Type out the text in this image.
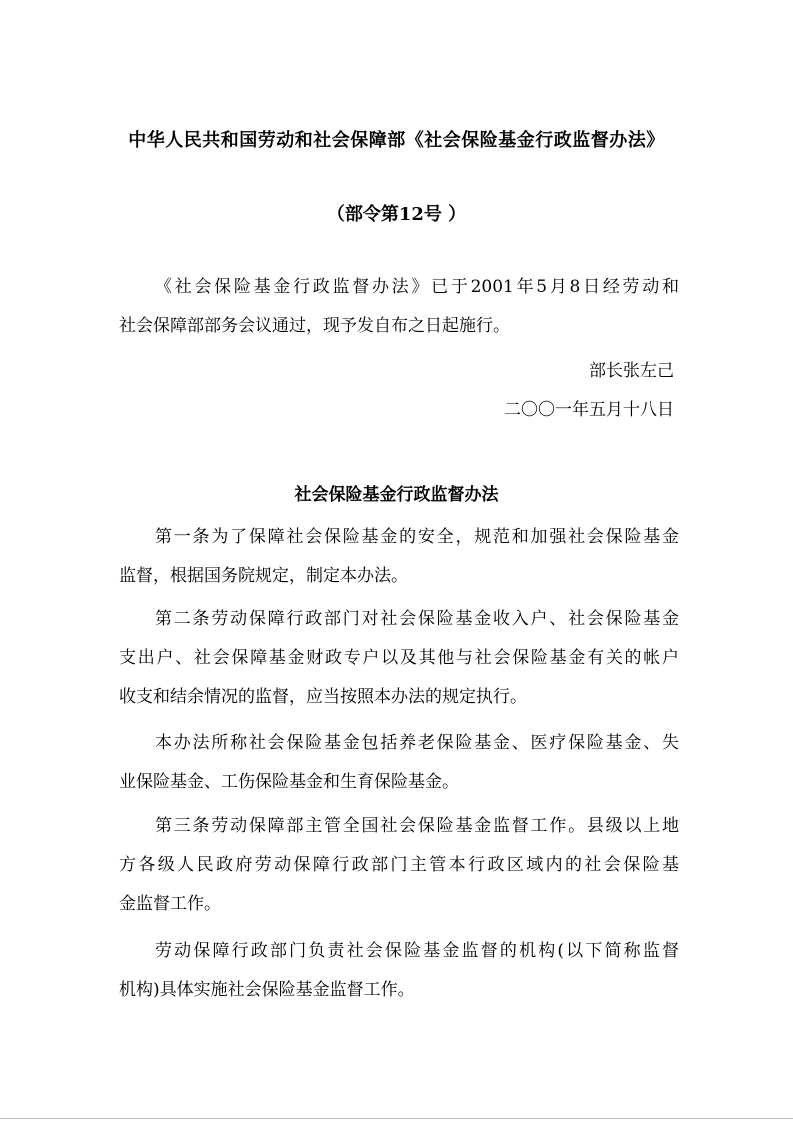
中华人民共和国劳动和社会保障部《社会保险基金行政监督办法》
（部令第12号 ）
《社会保险基金行政监督办法》已于2001年5月8日经劳动和
社会保障部部务会议通过，现予发自布之日起施行。
部长张左己
二〇〇一年五月十八日
社会保险基金行政监督办法
第一条为了保障社会保险基金的安全，规范和加强社会保险基金
监督，根据国务院规定，制定本办法。
第二条劳动保障行政部门对社会保险基金收入户、社会保险基金
支出户、社会保障基金财政专户以及其他与社会保险基金有关的帐户
收支和结余情况的监督，应当按照本办法的规定执行。
本办法所称社会保险基金包括养老保险基金、医疗保险基金、失
业保险基金、工伤保险基金和生育保险基金。
第三条劳动保障部主管全国社会保险基金监督工作。县级以上地
方各级人民政府劳动保障行政部门主管本行政区域内的社会保险基
金监督工作。
劳动保障行政部门负责社会保险基金监督的机构(以下简称监督
机构)具体实施社会保险基金监督工作。
